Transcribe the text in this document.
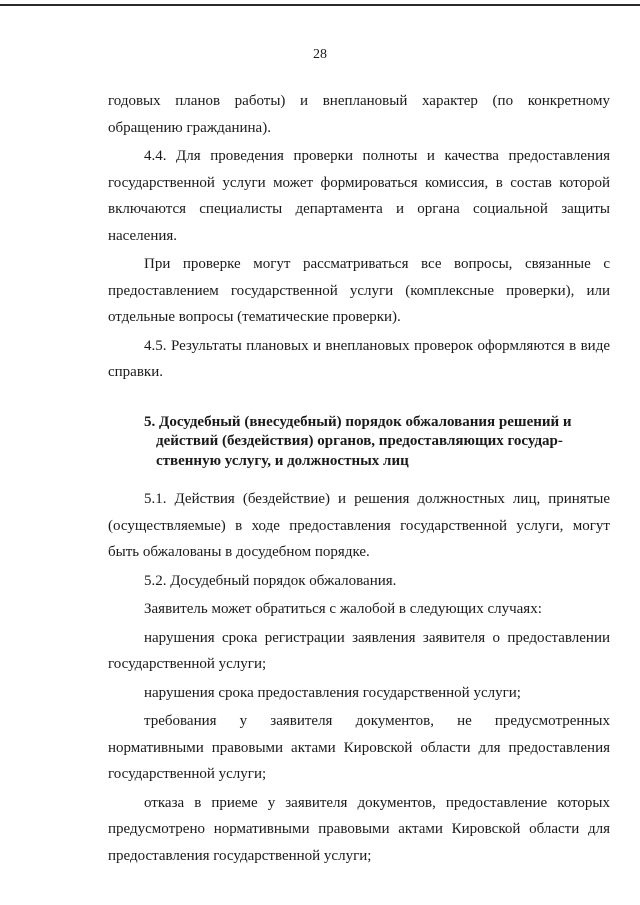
28

годовых планов работы) и внеплановый характер (по конкретному обращению гражданина).

4.4. Для проведения проверки полноты и качества предоставления государственной услуги может формироваться комиссия, в состав которой включаются специалисты департамента и органа социальной защиты населения.

При проверке могут рассматриваться все вопросы, связанные с предоставлением государственной услуги (комплексные проверки), или отдельные вопросы (тематические проверки).

4.5. Результаты плановых и внеплановых проверок оформляются в виде справки.

5. Досудебный (внесудебный) порядок обжалования решений и
действий (бездействия) органов, предоставляющих государ-
ственную услугу, и должностных лиц

5.1. Действия (бездействие) и решения должностных лиц, принятые (осуществляемые) в ходе предоставления государственной услуги, могут быть обжалованы в досудебном порядке.

5.2. Досудебный порядок обжалования.

Заявитель может обратиться с жалобой в следующих случаях:

нарушения срока регистрации заявления заявителя о предоставлении государственной услуги;

нарушения срока предоставления государственной услуги;

требования у заявителя документов, не предусмотренных нормативными правовыми актами Кировской области для предоставления государственной услуги;

отказа в приеме у заявителя документов, предоставление которых предусмотрено нормативными правовыми актами Кировской области для предоставления государственной услуги;
